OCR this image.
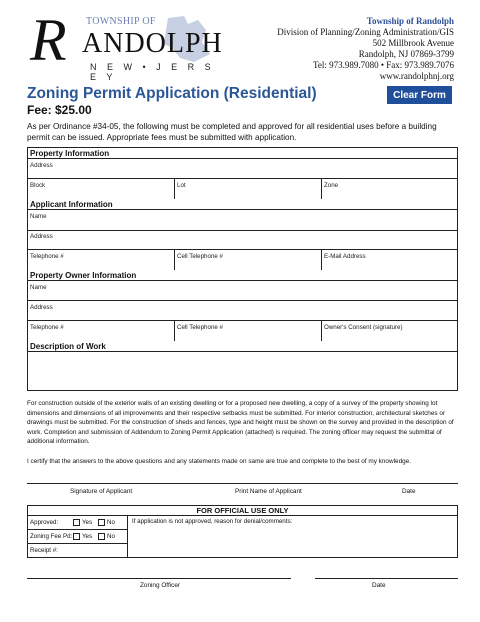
TOWNSHIP OF
R ANDOLPH
N E W • J E R S E Y
Township of Randolph
Division of Planning/Zoning Administration/GIS
502 Millbrook Avenue
Randolph, NJ 07869-3799
Tel: 973.989.7080 • Fax: 973.989.7076
www.randolphnj.org
Zoning Permit Application (Residential)
Fee: $25.00
Clear Form
As per Ordinance #34-05, the following must be completed and approved for all residential uses before a building permit can be issued. Appropriate fees must be submitted with application.
Property Information
Address
Block	Lot	Zone
Applicant Information
Name
Address
Telephone #	Cell Telephone #	E-Mail Address
Property Owner Information
Name
Address
Telephone #	Cell Telephone #	Owner's Consent (signature)
Description of Work
For construction outside of the exterior walls of an existing dwelling or for a proposed new dwelling, a copy of a survey of the property showing lot dimensions and dimensions of all improvements and their respective setbacks must be submitted. For interior construction, architectural sketches or drawings must be submitted. For the construction of sheds and fences, type and height must be shown on the survey and provided in the description of work. Completion and submission of Addendum to Zoning Permit Application (attached) is required. The zoning officer may request the submittal of additional information.
I certify that the answers to the above questions and any statements made on same are true and complete to the best of my knowledge.
Signature of Applicant	Print Name of Applicant	Date
FOR OFFICIAL USE ONLY
Approved:	Yes	No
Zoning Fee Pd:	Yes	No
Receipt #:
If application is not approved, reason for denial/comments:
Zoning Officer	Date
